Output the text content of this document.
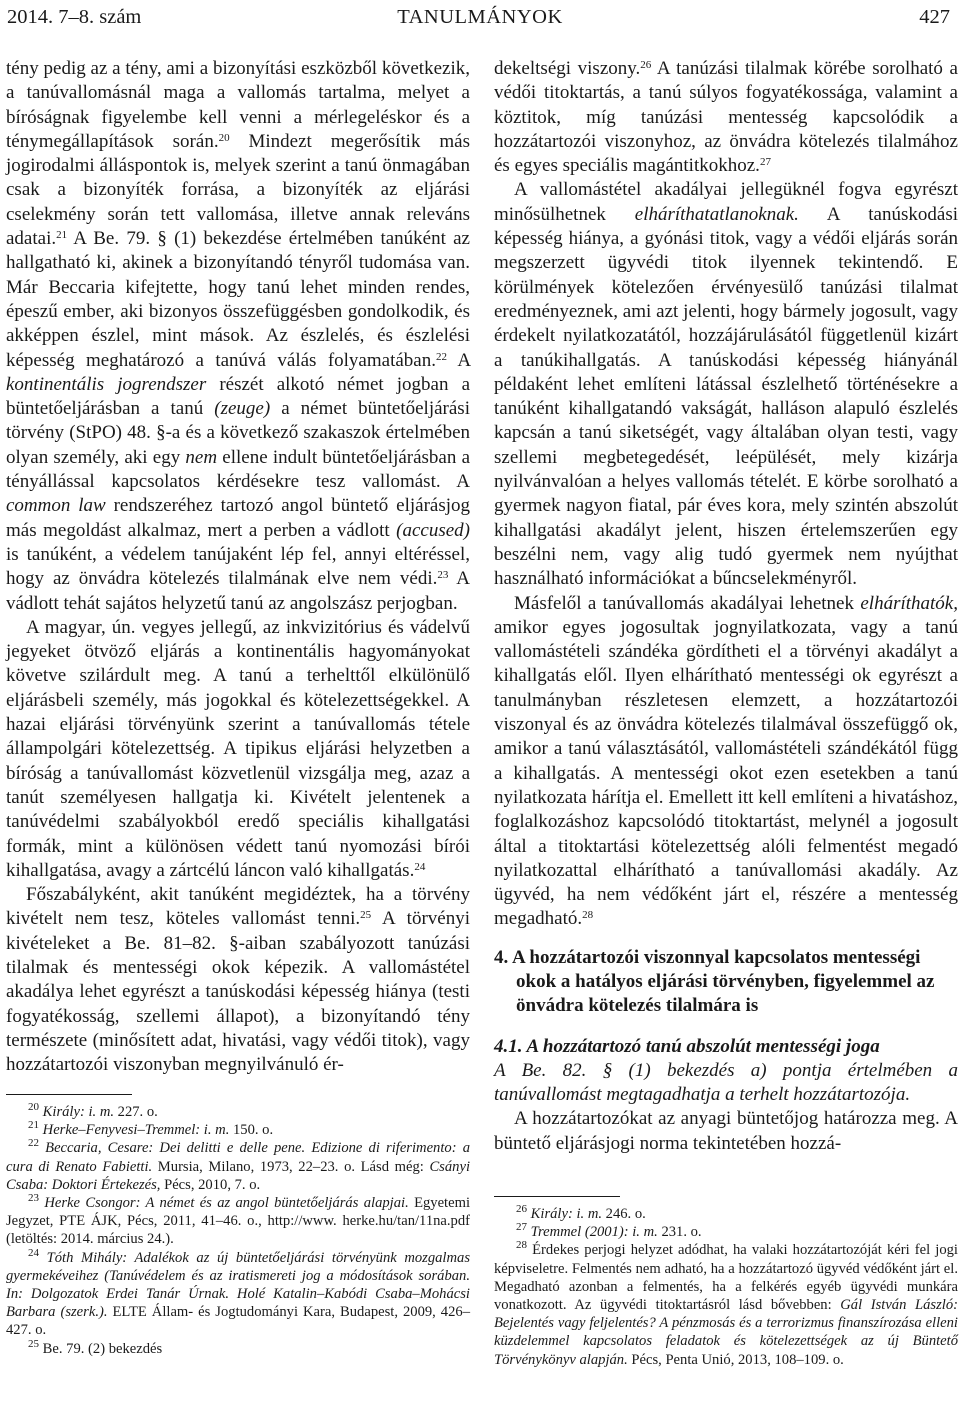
TANULMÁNYOK
2014. 7–8. szám	427

tény pedig az a tény, ami a bizonyítási eszközből következik, a tanúvallomásnál maga a vallomás tartalma, melyet a bíróságnak figyelembe kell venni a mérlegeléskor és a ténymegállapítások során.$^{20}$ Mindezt megerősítik más jogirodalmi álláspontok is, melyek szerint a tanú önmagában csak a bizonyíték forrása, a bizonyíték az eljárási cselekmény során tett vallomása, illetve annak releváns adatai.$^{21}$ A Be. 79. § (1) bekezdése értelmében tanúként az hallgatható ki, akinek a bizonyítandó tényről tudomása van. Már Beccaria kifejtette, hogy tanú lehet minden rendes, épeszű ember, aki bizonyos összefüggésben gondolkodik, és akképpen észlel, mint mások. Az észlelés, és észlelési képesség meghatározó a tanúvá válás folyamatában.$^{22}$ A kontinentális jogrendszer részét alkotó német jogban a büntetőeljárásban a tanú (zeuge) a német büntetőeljárási törvény (StPO) 48. §-a és a következő szakaszok értelmében olyan személy, aki egy nem ellene indult büntetőeljárásban a tényállással kapcsolatos kérdésekre tesz vallomást. A common law rendszeréhez tartozó angol büntető eljárásjog más megoldást alkalmaz, mert a perben a vádlott (accused) is tanúként, a védelem tanújaként lép fel, annyi eltéréssel, hogy az önvádra kötelezés tilalmának elve nem védi.$^{23}$ A vádlott tehát sajátos helyzetű tanú az angolszász perjogban.

A magyar, ún. vegyes jellegű, az inkvizitórius és vádelvű jegyeket ötvöző eljárás a kontinentális hagyományokat követve szilárdult meg. A tanú a terhelttől elkülönülő eljárásbeli személy, más jogokkal és kötelezettségekkel. A hazai eljárási törvényünk szerint a tanúvallomás tétele állampolgári kötelezettség. A tipikus eljárási helyzetben a bíróság a tanúvallomást közvetlenül vizsgálja meg, azaz a tanút személyesen hallgatja ki. Kivételt jelentenek a tanúvédelmi szabályokból eredő speciális kihallgatási formák, mint a különösen védett tanú nyomozási bírói kihallgatása, avagy a zártcélú láncon való kihallgatás.$^{24}$

Főszabályként, akit tanúként megidéztek, ha a törvény kivételt nem tesz, köteles vallomást tenni.$^{25}$ A törvényi kivételeket a Be. 81–82. §-aiban szabályozott tanúzási tilalmak és mentességi okok képezik. A vallomástétel akadálya lehet egyrészt a tanúskodási képesség hiánya (testi fogyatékosság, szellemi állapot), a bizonyítandó tény természete (minősített adat, hivatási, vagy védői titok), vagy hozzátartozói viszonyban megnyilvánuló ér-

$^{20}$ Király: i. m. 227. o.

$^{21}$ Herke–Fenyvesi–Tremmel: i. m. 150. o.

$^{22}$ Beccaria, Cesare: Dei delitti e delle pene. Edizione di riferimento: a cura di Renato Fabietti. Mursia, Milano, 1973, 22–23. o. Lásd még: Csányi Csaba: Doktori Értekezés, Pécs, 2010, 7. o.

$^{23}$ Herke Csongor: A német és az angol büntetőeljárás alapjai. Egyetemi Jegyzet, PTE ÁJK, Pécs, 2011, 41–46. o., http://www. herke.hu/tan/11na.pdf (letöltés: 2014. március 24.).

$^{24}$ Tóth Mihály: Adalékok az új büntetőeljárási törvényünk mozgalmas gyermekéveihez (Tanúvédelem és az iratismereti jog a módosítások sorában. In: Dolgozatok Erdei Tanár Úrnak. Holé Katalin–Kabódi Csaba–Mohácsi Barbara (szerk.). ELTE Állam- és Jogtudományi Kara, Budapest, 2009, 426–427. o.

$^{25}$ Be. 79. (2) bekezdés

dekeltségi viszony.$^{26}$ A tanúzási tilalmak körébe sorolható a védői titoktartás, a tanú súlyos fogyatékossága, valamint a köztitok, míg tanúzási mentesség kapcsolódik a hozzátartozói viszonyhoz, az önvádra kötelezés tilalmához és egyes speciális magántitkokhoz.$^{27}$

A vallomástétel akadályai jellegüknél fogva egyrészt minősülhetnek elháríthatatlanoknak. A tanúskodási képesség hiánya, a gyónási titok, vagy a védői eljárás során megszerzett ügyvédi titok ilyennek tekintendő. E körülmények kötelezően érvényesülő tanúzási tilalmat eredményeznek, ami azt jelenti, hogy bármely jogosult, vagy érdekelt nyilatkozatától, hozzájárulásától függetlenül kizárt a tanúkihallgatás. A tanúskodási képesség hiányánál példaként lehet említeni látással észlelhető történésekre a tanúként kihallgatandó vakságát, halláson alapuló észlelés kapcsán a tanú siketségét, vagy általában olyan testi, vagy szellemi megbetegedését, leépülését, mely kizárja nyilvánvalóan a helyes vallomás tételét. E körbe sorolható a gyermek nagyon fiatal, pár éves kora, mely szintén abszolút kihallgatási akadályt jelent, hiszen értelemszerűen egy beszélni nem, vagy alig tudó gyermek nem nyújthat használható információkat a bűncselekményről.

Másfelől a tanúvallomás akadályai lehetnek elháríthatók, amikor egyes jogosultak jognyilatkozata, vagy a tanú vallomástételi szándéka gördítheti el a törvényi akadályt a kihallgatás elől. Ilyen elhárítható mentességi ok egyrészt a tanulmányban részletesen elemzett, a hozzátartozói viszonyal és az önvádra kötelezés tilalmával összefüggő ok, amikor a tanú választásától, vallomástételi szándékától függ a kihallgatás. A mentességi okot ezen esetekben a tanú nyilatkozata hárítja el. Emellett itt kell említeni a hivatáshoz, foglalkozáshoz kapcsolódó titoktartást, melynél a jogosult által a titoktartási kötelezettség alóli felmentést megadó nyilatkozattal elhárítható a tanúvallomási akadály. Az ügyvéd, ha nem védőként járt el, részére a mentesség megadható.$^{28}$

4. A hozzátartozói viszonnyal kapcsolatos mentességi okok a hatályos eljárási törvényben, figyelemmel az önvádra kötelezés tilalmára is
4.1. A hozzátartozó tanú abszolút mentességi joga

A Be. 82. § (1) bekezdés a) pontja értelmében a tanúvallomást megtagadhatja a terhelt hozzátartozója.

A hozzátartozókat az anyagi büntetőjog határozza meg. A büntető eljárásjogi norma tekintetében hozzá-

$^{26}$ Király: i. m. 246. o.

$^{27}$ Tremmel (2001): i. m. 231. o.

$^{28}$ Érdekes perjogi helyzet adódhat, ha valaki hozzátartozóját kéri fel jogi képviseletre. Felmentés nem adható, ha a hozzátartozó ügyvéd védőként járt el. Megadható azonban a felmentés, ha a felkérés egyéb ügyvédi munkára vonatkozott. Az ügyvédi titoktartásról lásd bővebben: Gál István László: Bejelentés vagy feljelentés? A pénzmosás és a terrorizmus finanszírozása elleni küzdelemmel kapcsolatos feladatok és kötelezettségek az új Büntető Törvénykönyv alapján. Pécs, Penta Unió, 2013, 108–109. o.
